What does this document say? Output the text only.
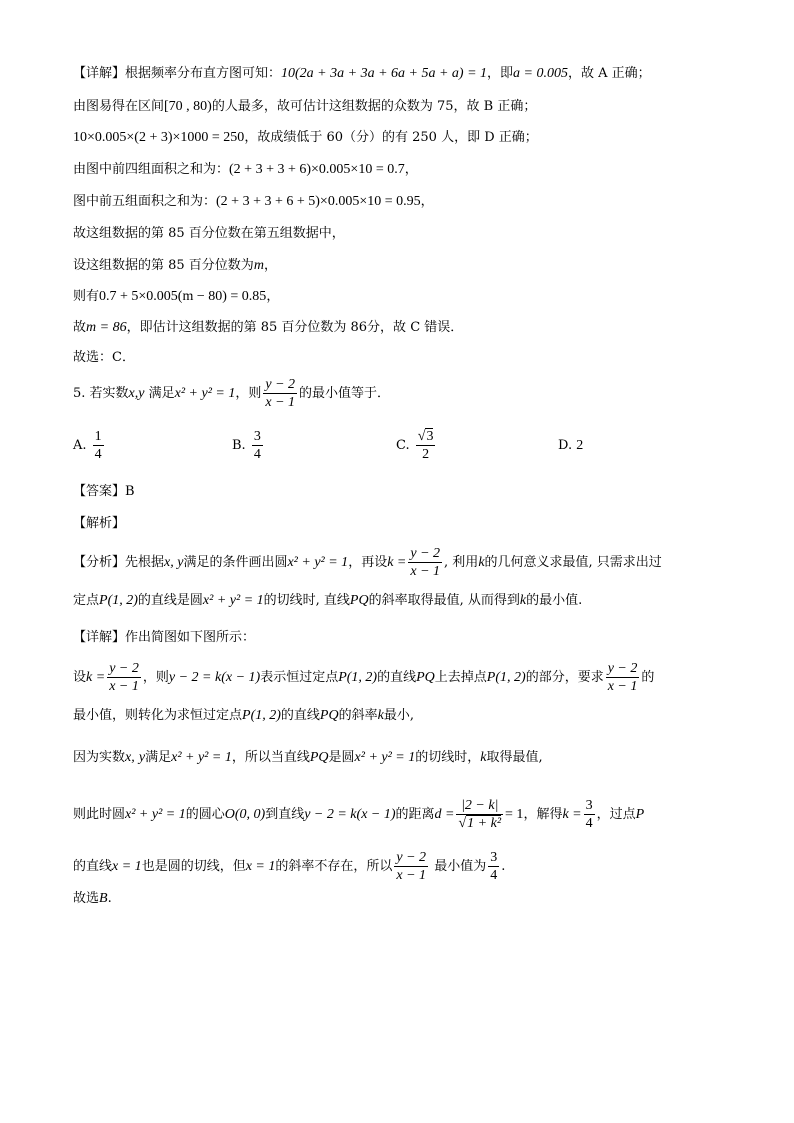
【详解】根据频率分布直方图可知：10(2a + 3a + 3a + 6a + 5a + a) = 1，即a = 0.005，故 A 正确；
由图易得在区间[70 , 80)的人最多，故可估计这组数据的众数为 75，故 B 正确；
10×0.005×(2 + 3)×1000 = 250，故成绩低于 60（分）的有 250 人，即 D 正确；
由图中前四组面积之和为：(2 + 3 + 3 + 6)×0.005×10 = 0.7，
图中前五组面积之和为：(2 + 3 + 3 + 6 + 5)×0.005×10 = 0.95，
故这组数据的第 85 百分位数在第五组数据中，
设这组数据的第 85 百分位数为m，
则有0.7 + 5×0.005(m − 80) = 0.85，
故m = 86，即估计这组数据的第 85 百分位数为 86分，故 C 错误．
故选：C．
5. 若实数x,y 满足x² + y² = 1，则 $\frac{y - 2}{x - 1}$ 的最小值等于．
A. $\frac{1}{4}$	B. $\frac{3}{4}$	C. $\frac{√3}{2}$	D. 2
【答案】B
【解析】
【分析】先根据x, y满足的条件画出圆x² + y² = 1，再设$k = \frac{y - 2}{x - 1}$ , 利用k的几何意义求最值, 只需求出过
定点P(1, 2)的直线是圆x² + y² = 1的切线时, 直线PQ的斜率取得最值, 从而得到k的最小值.
【详解】作出简图如下图所示：
设$k = \frac{y - 2}{x - 1}$ ，则y − 2 = k(x − 1)表示恒过定点P(1, 2)的直线PQ上去掉点P(1, 2)的部分，要求 $\frac{y - 2}{x - 1}$ 的
最小值，则转化为求恒过定点P(1, 2)的直线PQ的斜率k最小,
因为实数x, y满足x² + y² = 1，所以当直线PQ是圆x² + y² = 1的切线时，k取得最值,
则此时圆x² + y² = 1的圆心O(0, 0)到直线y − 2 = k(x − 1)的距离$d = \frac{|2 - k|}{\text{√1 + k²}} = 1$，解得$k = \frac{3}{4}$ ，过点P
的直线x = 1也是圆的切线，但x = 1的斜率不存在，所以 $\frac{y - 2}{x - 1}$ 最小值为 $\frac{3}{4}$ .
故选B.
